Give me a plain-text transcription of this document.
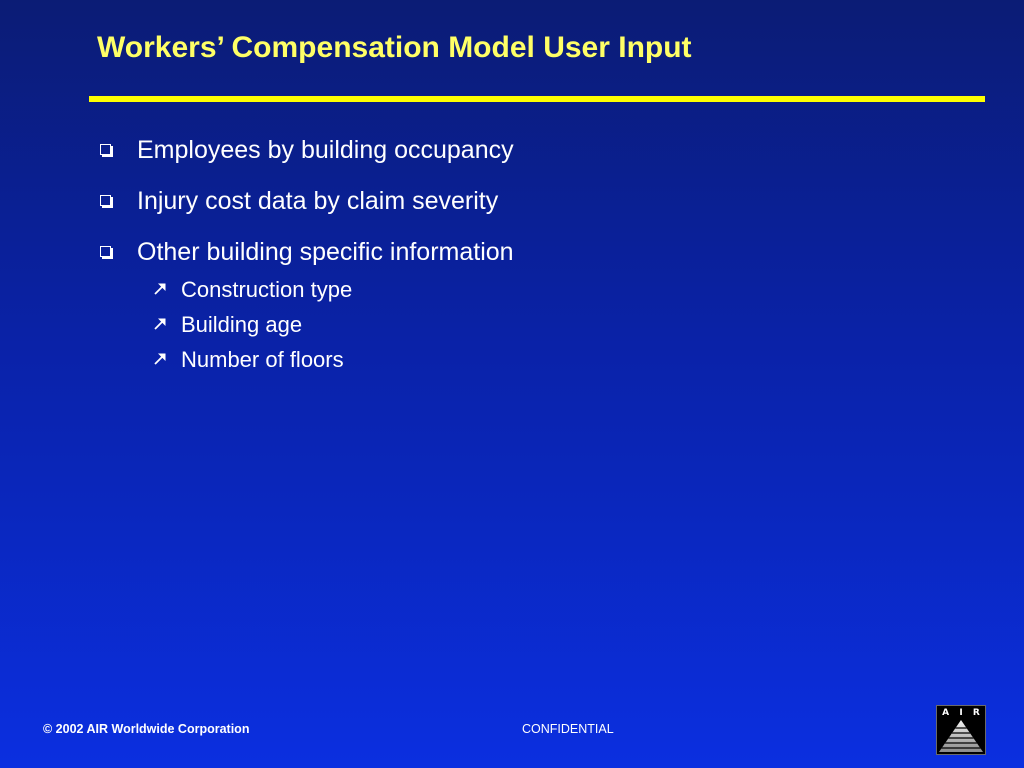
Workers’ Compensation Model User Input
Employees by building occupancy
Injury cost data by claim severity
Other building specific information
Construction type
Building age
Number of floors
© 2002 AIR Worldwide Corporation	CONFIDENTIAL
A I R
